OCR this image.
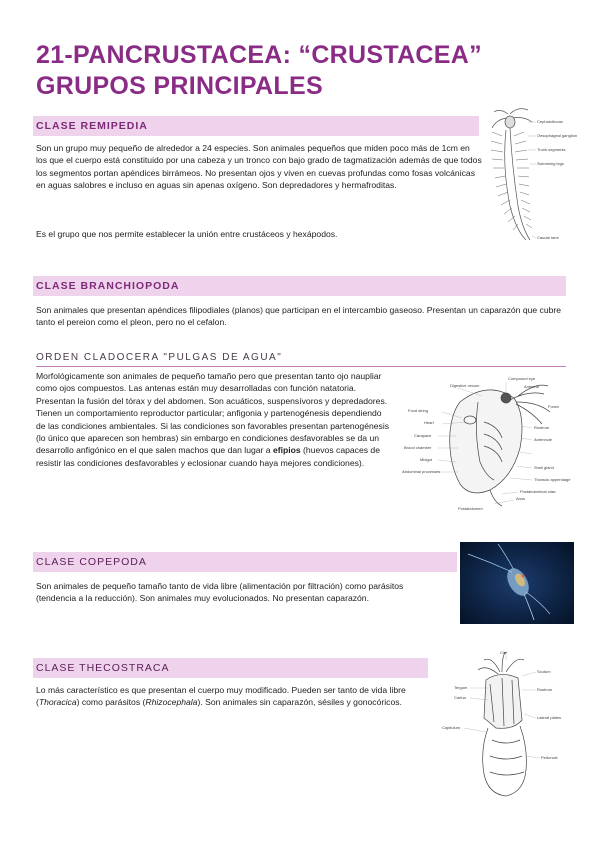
21-PANCRUSTACEA: “CRUSTACEA”
GRUPOS PRINCIPALES
CLASE REMIPEDIA

Son un grupo muy pequeño de alrededor a 24 especies. Son animales pequeños que miden poco más de 1cm en los que el cuerpo está constituido por una cabeza y un tronco con bajo grado de tagmatización además de que todos los segmentos portan apéndices birrámeos. No presentan ojos y viven en cuevas profundas como fosas volcánicas en aguas salobres e incluso en aguas sin apenas oxígeno. Son depredadores y hermafroditas.

Es el grupo que nos permite establecer la unión entre crustáceos y hexápodos.

Cephalothorax
Oesophageal ganglion
Trunk segments
Swimming legs
Caudal rami
CLASE BRANCHIOPODA

Son animales que presentan apéndices filipodiales (planos) que participan en el intercambio gaseoso. Presentan un caparazón que cubre tanto el pereion como el pleon, pero no el cefalon.

ORDEN CLADOCERA "PULGAS DE AGUA"

Morfológicamente son animales de pequeño tamaño pero que presentan tanto ojo naupliar como ojos compuestos. Las antenas están muy desarrolladas con función natatoria. Presentan la fusión del tórax y del abdomen. Son acuáticos, suspensívoros y depredadores. Tienen un comportamiento reproductor particular; anfigonia y partenogénesis dependiendo de las condiciones ambientales. Si las condiciones son favorables presentan partenogénesis (lo único que aparecen son hembras) sin embargo en condiciones desfavorables se da un desarrollo anfigónico en el que salen machos que dan lugar a efipios (huevos capaces de resistir las condiciones desfavorables y eclosionar cuando haya mejores condiciones).

Compound eye
Digestive cecum	Antenna
Food string
Heart
Carapace
Brood chamber
Midgut
Abdominal processes
Postabdomen
Anus
Postabdominal claw
Thoracic appendage
Shell gland
Antennule
Rostrum
Fornix
CLASE COPEPODA

Son animales de pequeño tamaño tanto de vida libre (alimentación por filtración) como parásitos (tendencia a la reducción). Son animales muy evolucionados. No presentan caparazón.

CLASE THECOSTRACA

Lo más característico es que presentan el cuerpo muy modificado. Pueden ser tanto de vida libre (Thoracica) como parásitos (Rhizocephala). Son animales sin caparazón, sésiles y gonocóricos.

Cirri
Scutum
Tergum
Carina
Rostrum
Lateral plates
Capitulum
Peduncle
